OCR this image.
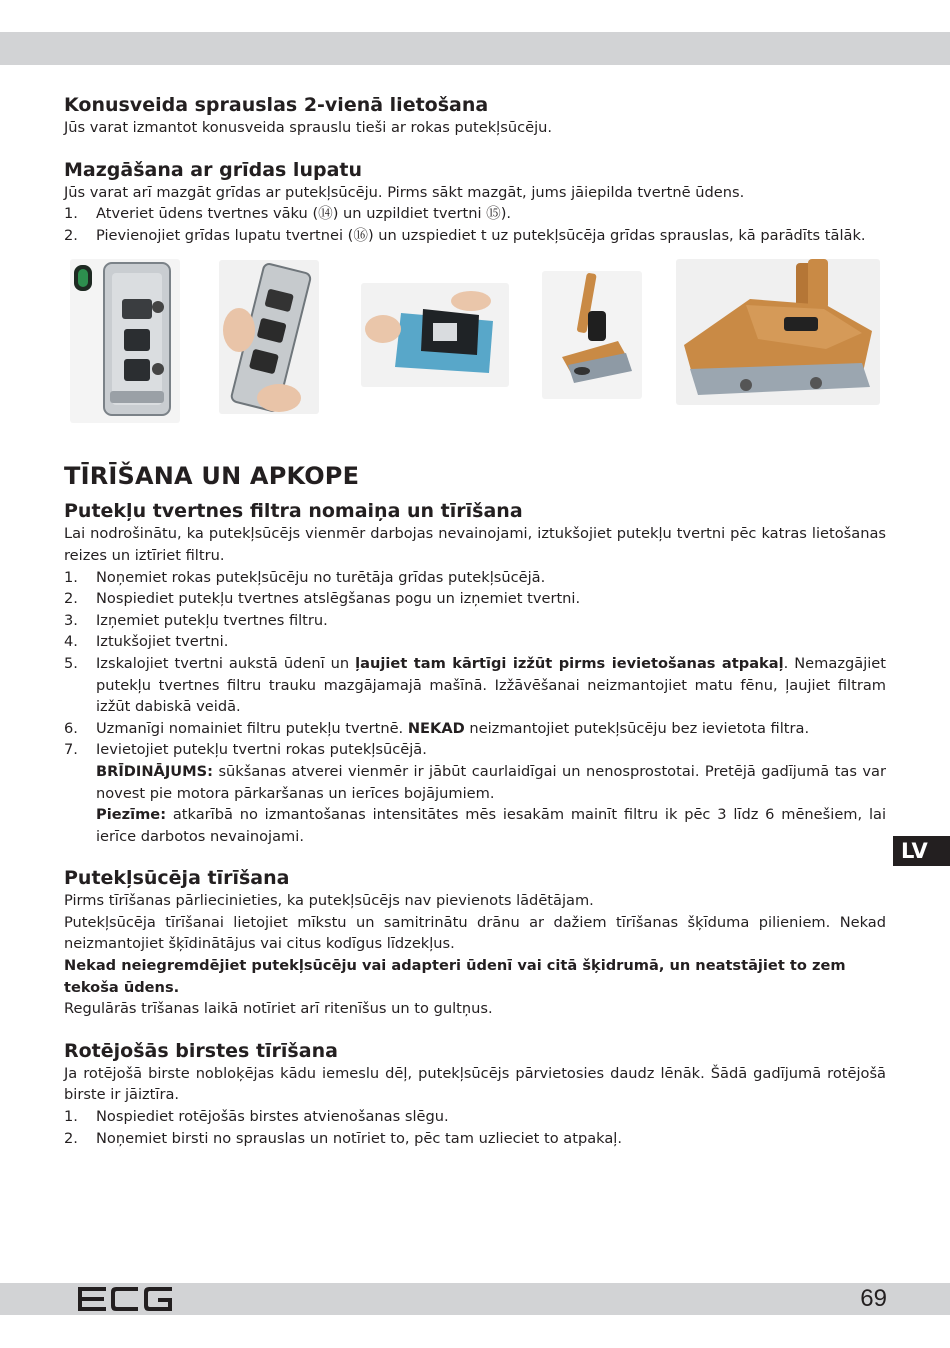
Konusveida sprauslas 2-vienā lietošana

Jūs varat izmantot konusveida sprauslu tieši ar rokas putekļsūcēju.

Mazgāšana ar grīdas lupatu

Jūs varat arī mazgāt grīdas ar putekļsūcēju. Pirms sākt mazgāt, jums jāiepilda tvertnē ūdens.

1. Atveriet ūdens tvertnes vāku (⑭) un uzpildiet tvertni ⑮).
2. Pievienojiet grīdas lupatu tvertnei (⑯) un uzspiediet t uz putekļsūcēja grīdas sprauslas, kā parādīts tālāk.
TĪRĪŠANA UN APKOPE
Putekļu tvertnes filtra nomaiņa un tīrīšana

Lai nodrošinātu, ka putekļsūcējs vienmēr darbojas nevainojami, iztukšojiet putekļu tvertni pēc katras lietošanas reizes un iztīriet filtru.

1. Noņemiet rokas putekļsūcēju no turētāja grīdas putekļsūcējā.
2. Nospiediet putekļu tvertnes atslēgšanas pogu un izņemiet tvertni.
3. Izņemiet putekļu tvertnes filtru.
4. Iztukšojiet tvertni.
5. Izskalojiet tvertni aukstā ūdenī un ļaujiet tam kārtīgi izžūt pirms ievietošanas atpakaļ. Nemazgājiet putekļu tvertnes filtru trauku mazgājamajā mašīnā. Izžāvēšanai neizmantojiet matu fēnu, ļaujiet filtram izžūt dabiskā veidā.
6. Uzmanīgi nomainiet filtru putekļu tvertnē. NEKAD neizmantojiet putekļsūcēju bez ievietota filtra.
7. Ievietojiet putekļu tvertni rokas putekļsūcējā.

BRĪDINĀJUMS: sūkšanas atverei vienmēr ir jābūt caurlaidīgai un nenosprostotai. Pretējā gadījumā tas var novest pie motora pārkaršanas un ierīces bojājumiem.

Piezīme: atkarībā no izmantošanas intensitātes mēs iesakām mainīt filtru ik pēc 3 līdz 6 mēnešiem, lai ierīce darbotos nevainojami.

Putekļsūcēja tīrīšana

Pirms tīrīšanas pārliecinieties, ka putekļsūcējs nav pievienots lādētājam.

Putekļsūcēja tīrīšanai lietojiet mīkstu un samitrinātu drānu ar dažiem tīrīšanas šķīduma pilieniem. Nekad neizmantojiet šķīdinātājus vai citus kodīgus līdzekļus.

Nekad neiegremdējiet putekļsūcēju vai adapteri ūdenī vai citā šķidrumā, un neatstājiet to zem tekoša ūdens.

Regulārās trīšanas laikā notīriet arī ritenīšus un to gultņus.

Rotējošās birstes tīrīšana

Ja rotējošā birste nobloķējas kādu iemeslu dēļ, putekļsūcējs pārvietosies daudz lēnāk. Šādā gadījumā rotējošā birste ir jāiztīra.

1. Nospiediet rotējošās birstes atvienošanas slēgu.
2. Noņemiet birsti no sprauslas un notīriet to, pēc tam uzlieciet to atpakaļ.
LV
69
